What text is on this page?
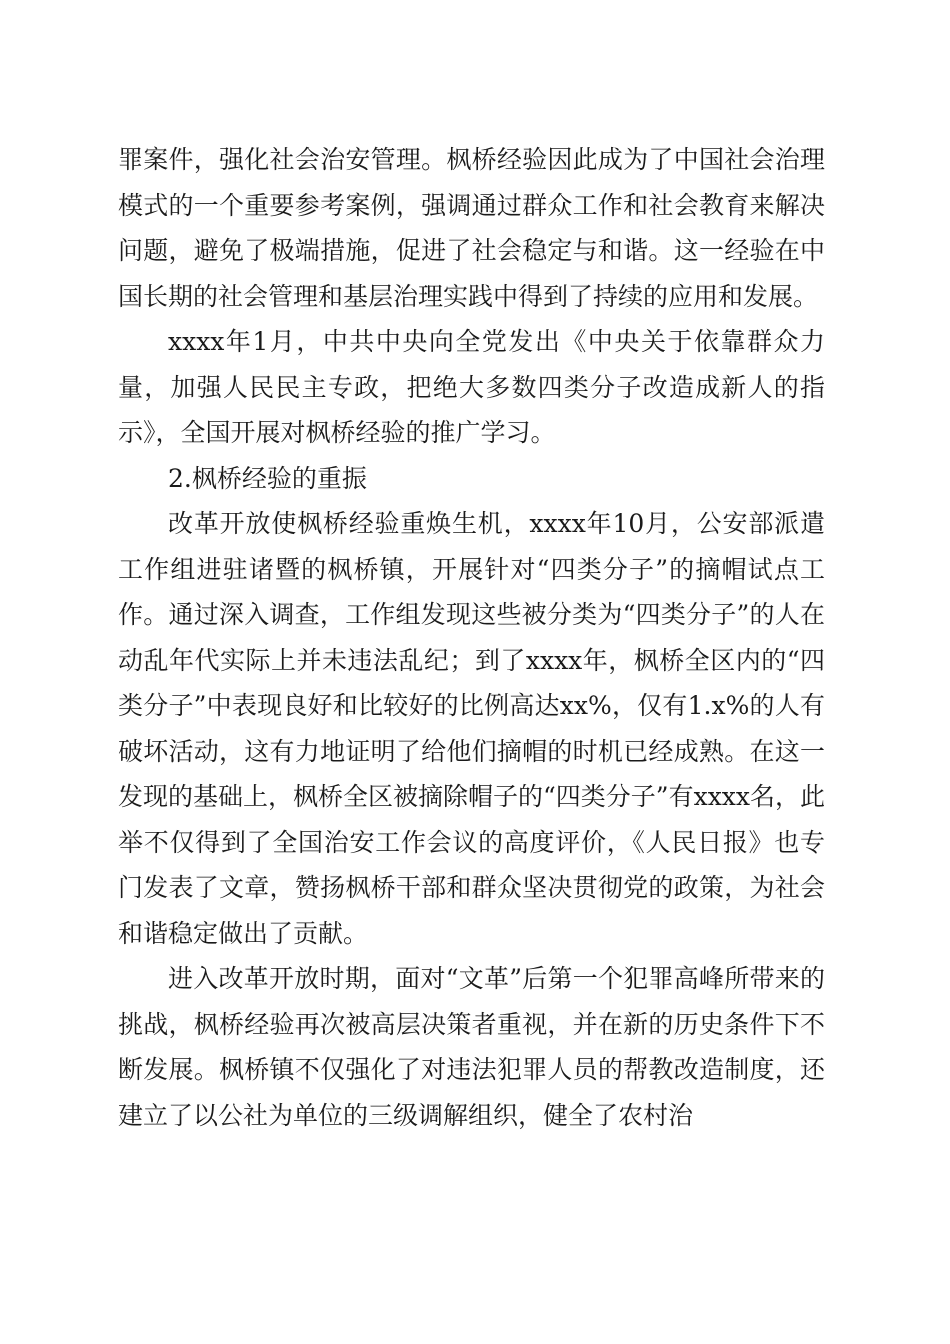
罪案件，强化社会治安管理。枫桥经验因此成为了中国社会治理模式的一个重要参考案例，强调通过群众工作和社会教育来解决问题，避免了极端措施，促进了社会稳定与和谐。这一经验在中国长期的社会管理和基层治理实践中得到了持续的应用和发展。

xxxx年1月，中共中央向全党发出《中央关于依靠群众力量，加强人民民主专政，把绝大多数四类分子改造成新人的指示》，全国开展对枫桥经验的推广学习。

2.枫桥经验的重振

改革开放使枫桥经验重焕生机，xxxx年10月，公安部派遣工作组进驻诸暨的枫桥镇，开展针对“四类分子”的摘帽试点工作。通过深入调查，工作组发现这些被分类为“四类分子”的人在动乱年代实际上并未违法乱纪；到了xxxx年，枫桥全区内的“四类分子”中表现良好和比较好的比例高达xx%，仅有1.x%的人有破坏活动，这有力地证明了给他们摘帽的时机已经成熟。在这一发现的基础上，枫桥全区被摘除帽子的“四类分子”有xxxx名，此举不仅得到了全国治安工作会议的高度评价，《人民日报》也专门发表了文章，赞扬枫桥干部和群众坚决贯彻党的政策，为社会和谐稳定做出了贡献。

进入改革开放时期，面对“文革”后第一个犯罪高峰所带来的挑战，枫桥经验再次被高层决策者重视，并在新的历史条件下不断发展。枫桥镇不仅强化了对违法犯罪人员的帮教改造制度，还建立了以公社为单位的三级调解组织，健全了农村治
